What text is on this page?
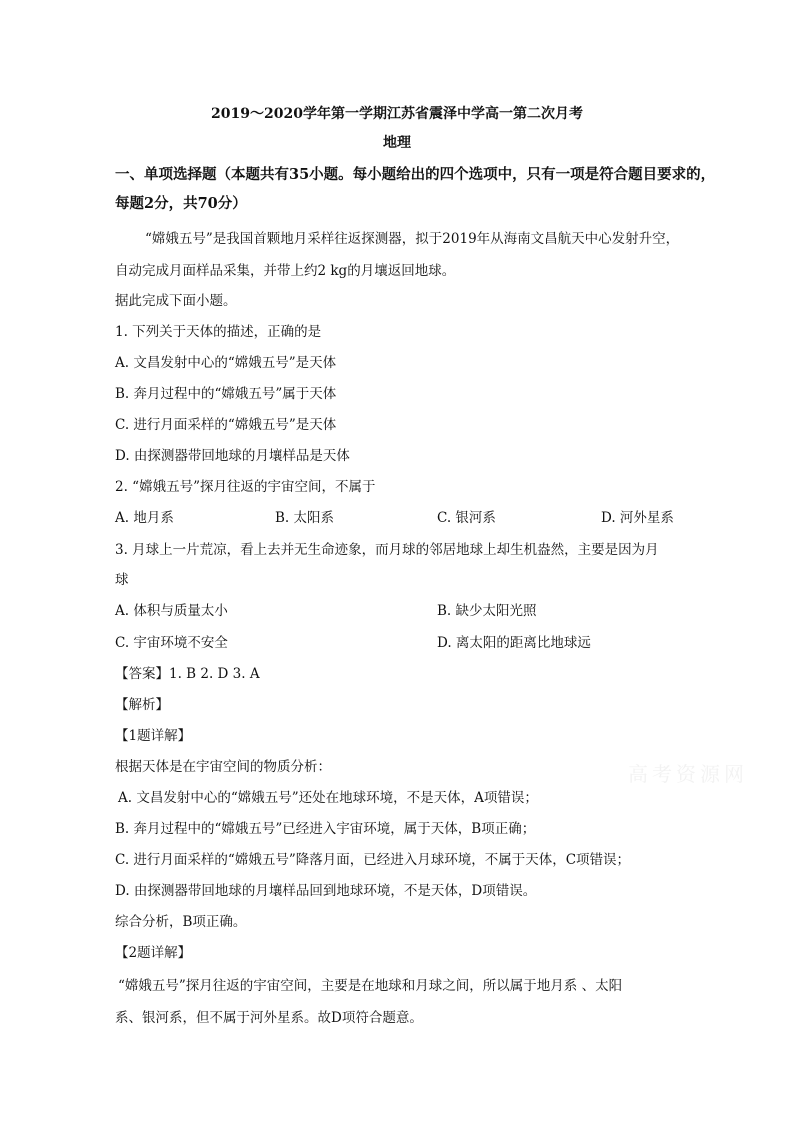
2019～2020学年第一学期江苏省震泽中学高一第二次月考
地理
一、单项选择题（本题共有35小题。每小题给出的四个选项中，只有一项是符合题目要求的，
每题2分，共70分）
“嫦娥五号”是我国首颗地月采样往返探测器，拟于2019年从海南文昌航天中心发射升空，
自动完成月面样品采集，并带上约2 kg的月壤返回地球。
据此完成下面小题。
1. 下列关于天体的描述，正确的是
A. 文昌发射中心的“嫦娥五号”是天体
B. 奔月过程中的“嫦娥五号”属于天体
C. 进行月面采样的“嫦娥五号”是天体
D. 由探测器带回地球的月壤样品是天体
2. “嫦娥五号”探月往返的宇宙空间，不属于
A. 地月系	B. 太阳系	C. 银河系	D. 河外星系
3. 月球上一片荒凉，看上去并无生命迹象，而月球的邻居地球上却生机盎然，主要是因为月
球
A. 体积与质量太小	B. 缺少太阳光照
C. 宇宙环境不安全	D. 离太阳的距离比地球远
【答案】1. B 2. D 3. A
【解析】
【1题详解】
根据天体是在宇宙空间的物质分析：
A. 文昌发射中心的“嫦娥五号”还处在地球环境，不是天体，A项错误；
B. 奔月过程中的“嫦娥五号”已经进入宇宙环境，属于天体，B项正确；
C. 进行月面采样的“嫦娥五号”降落月面，已经进入月球环境，不属于天体，C项错误；
D. 由探测器带回地球的月壤样品回到地球环境，不是天体，D项错误。
综合分析，B项正确。
【2题详解】
“嫦娥五号”探月往返的宇宙空间，主要是在地球和月球之间，所以属于地月系 、太阳
系、银河系，但不属于河外星系。故D项符合题意。
高考资源网
